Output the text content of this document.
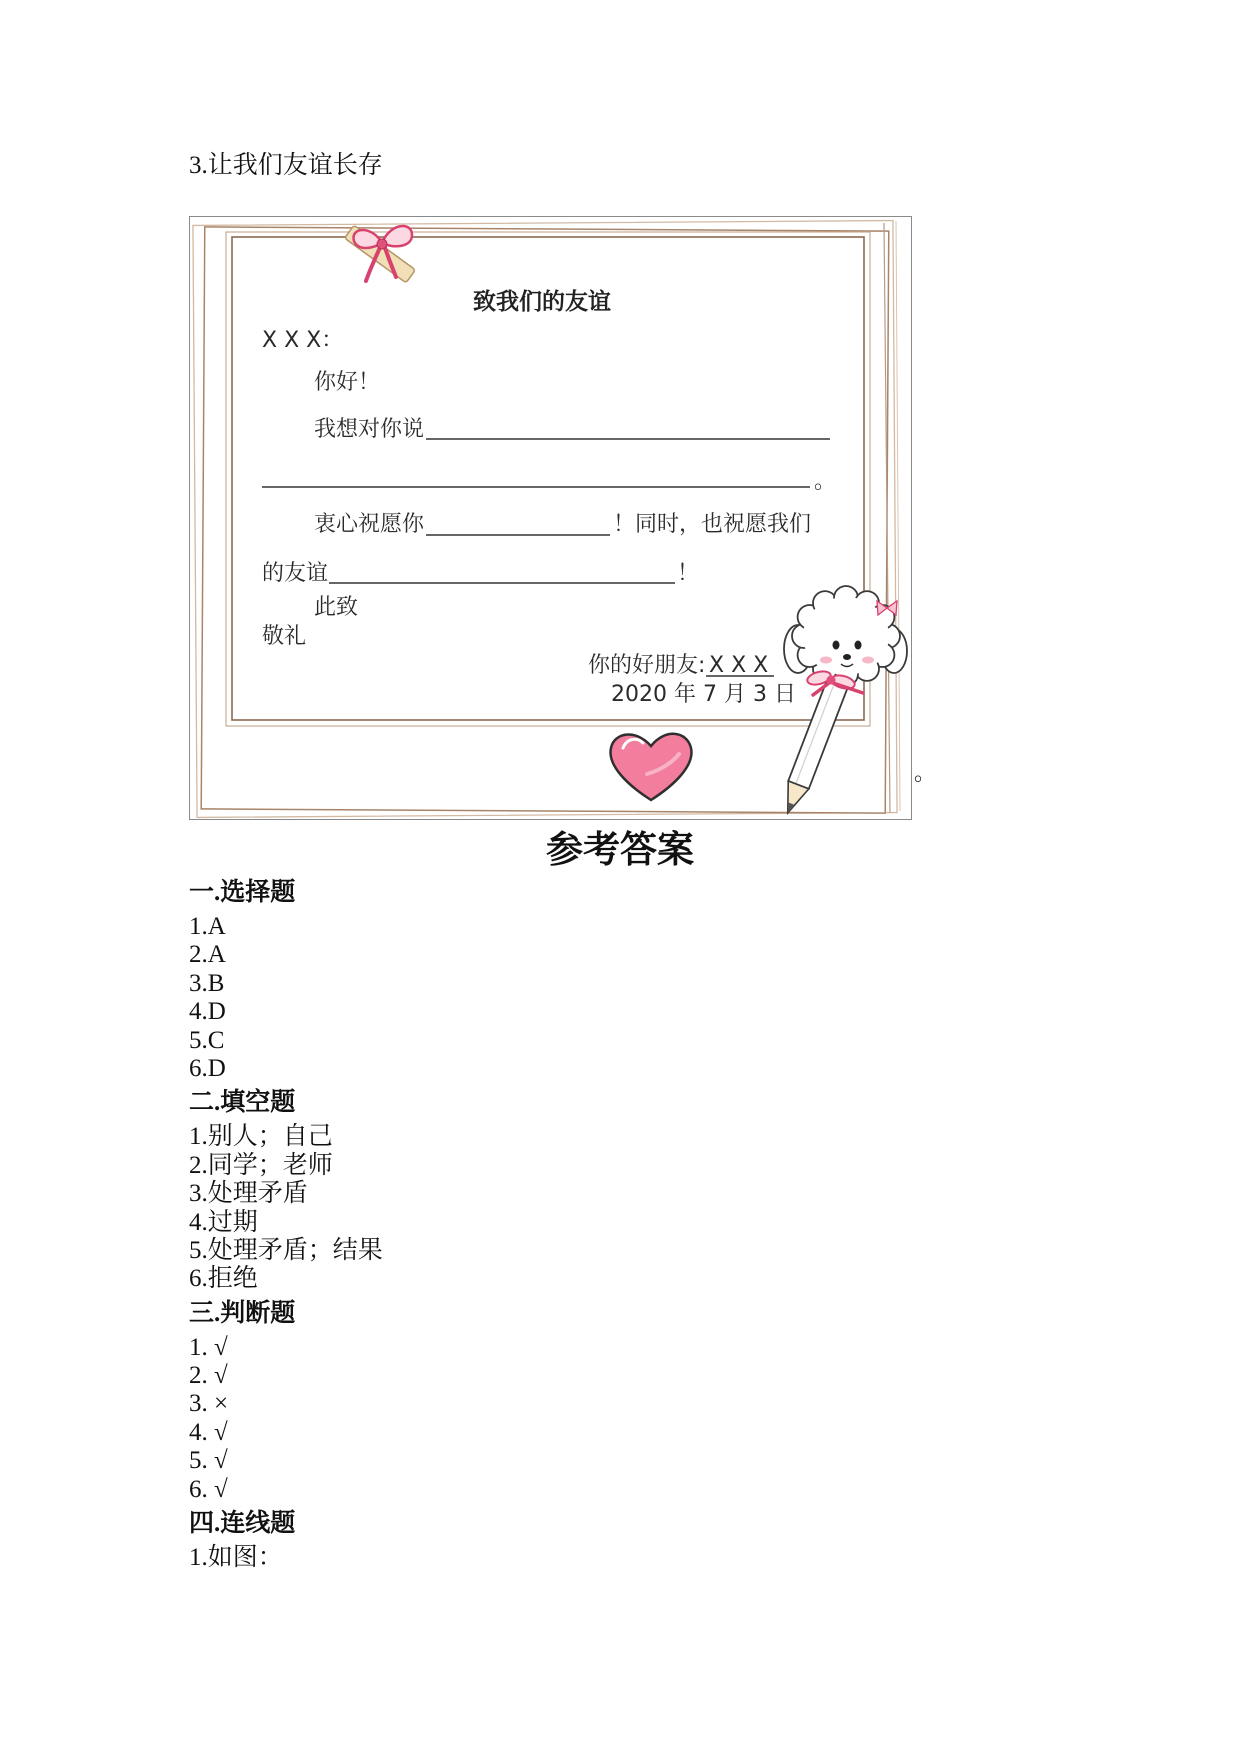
3.让我们友谊长存
致我们的友谊
X X X：
你好！
我想对你说
。
衷心祝愿你	！同时，也祝愿我们
的友谊	！
此致
敬礼
你的好朋友: X X X
2020 年 7 月 3 日
。
参考答案
一.选择题
1.A
2.A
3.B
4.D
5.C
6.D
二.填空题
1.别人；自己
2.同学；老师
3.处理矛盾
4.过期
5.处理矛盾；结果
6.拒绝
三.判断题
1. √
2. √
3. ×
4. √
5. √
6. √
四.连线题
1.如图：
